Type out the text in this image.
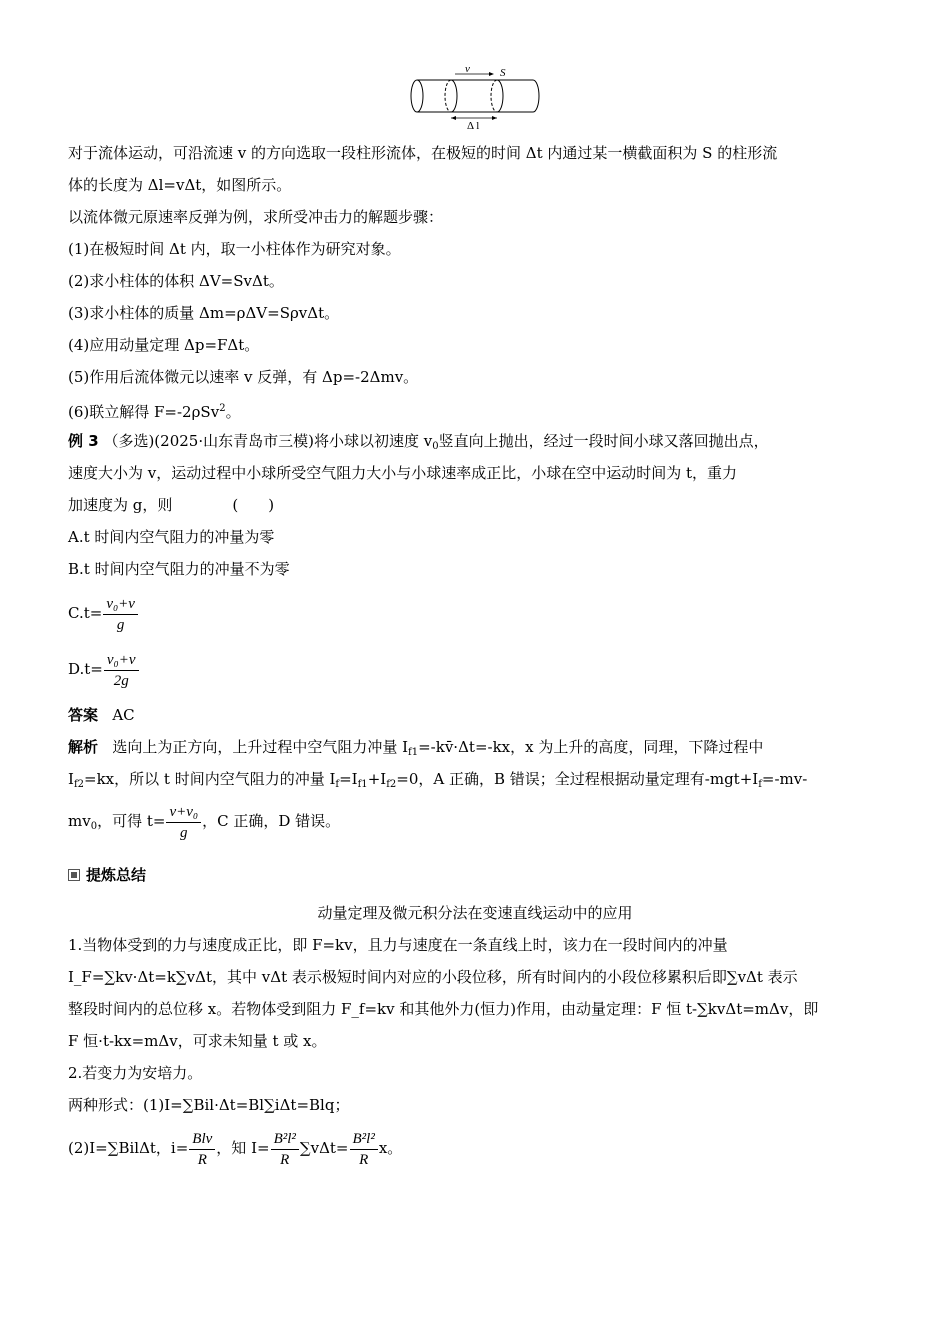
v	S
Δ l
对于流体运动，可沿流速 v 的方向选取一段柱形流体，在极短的时间 Δt 内通过某一横截面积为 S 的柱形流
体的长度为 Δl=vΔt，如图所示。
以流体微元原速率反弹为例，求所受冲击力的解题步骤：
(1)在极短时间 Δt 内，取一小柱体作为研究对象。
(2)求小柱体的体积 ΔV=SvΔt。
(3)求小柱体的质量 Δm=ρΔV=SρvΔt。
(4)应用动量定理 Δp=FΔt。
(5)作用后流体微元以速率 v 反弹，有 Δp=-2Δmv。
(6)联立解得 F=-2ρSv$^2$。
例 3 （多选)(2025·山东青岛市三模)将小球以初速度 $v_0$竖直向上抛出，经过一段时间小球又落回抛出点，
速度大小为 v，运动过程中小球所受空气阻力大小与小球速率成正比，小球在空中运动时间为 t，重力
加速度为 g，则　　　　(　　)
A.t 时间内空气阻力的冲量为零
B.t 时间内空气阻力的冲量不为零
$C.t= \frac{\text{v₀+v}}{g}$
$D.t= \frac{\text{v₀+v}}{2g}$
答案 AC
解析 选向上为正方向，上升过程中空气阻力冲量 $I_{f1}=-kv̄\cdot\Delta t=-kx$，x 为上升的高度，同理，下降过程中
$I_{f2}=kx$，所以 t 时间内空气阻力的冲量 $I_f=I_{f1}+I_{f2}=0$，A 正确，B 错误；全过程根据动量定理有$-mgt+I_f=-mv-$
$mv_0$，可得 $t= \frac{\text{v+v₀}}{g}$ ，C 正确，D 错误。
提炼总结
动量定理及微元积分法在变速直线运动中的应用
1.当物体受到的力与速度成正比，即 F=kv，且力与速度在一条直线上时，该力在一段时间内的冲量
I_F=∑kv·Δt=k∑vΔt，其中 vΔt 表示极短时间内对应的小段位移，所有时间内的小段位移累积后即∑vΔt 表示
整段时间内的总位移 x。若物体受到阻力 F_f=kv 和其他外力(恒力)作用，由动量定理：F 恒 t-∑kvΔt=mΔv，即
F 恒·t-kx=mΔv，可求未知量 t 或 x。
2.若变力为安培力。
两种形式：(1)I=∑Bil·Δt=Bl∑iΔt=Blq；
(2)I=∑BilΔt，$i= \frac{\text{Blv}}{R}$ ，知 $I= \frac{\text{B²l²}}{R} \sum v\Delta t= \frac{\text{B²l²}}{R}$ x。
